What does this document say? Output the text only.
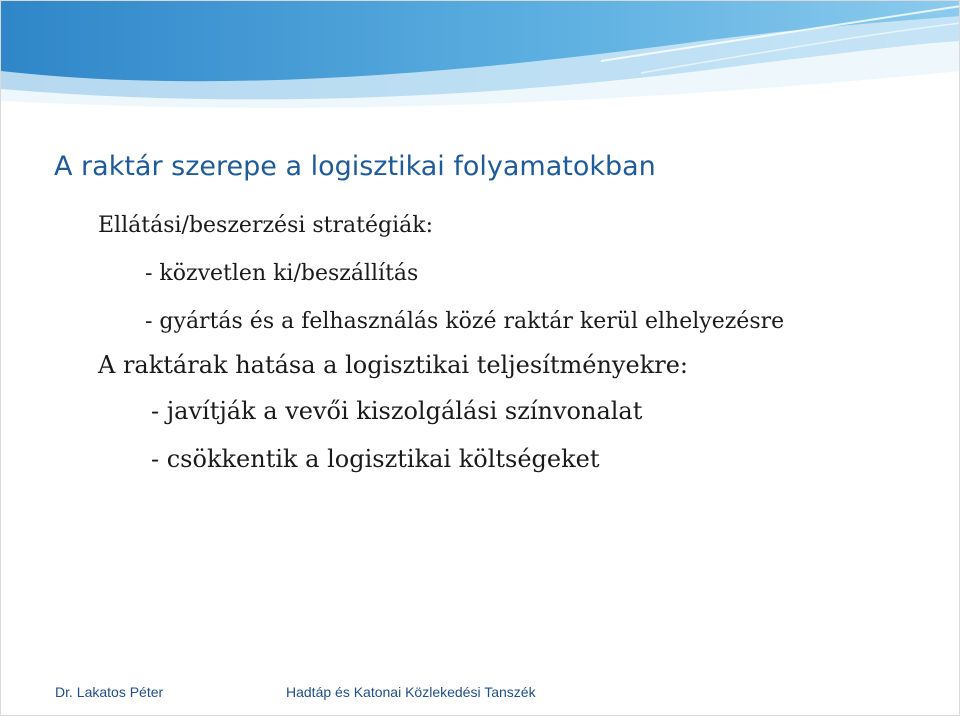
A raktár szerepe a logisztikai folyamatokban
Ellátási/beszerzési stratégiák:
- közvetlen ki/beszállítás
- gyártás és a felhasználás közé raktár kerül elhelyezésre
A raktárak hatása a logisztikai teljesítményekre:
- javítják a vevői kiszolgálási színvonalat
- csökkentik a logisztikai költségeket
Dr. Lakatos Péter	Hadtáp és Katonai Közlekedési Tanszék
